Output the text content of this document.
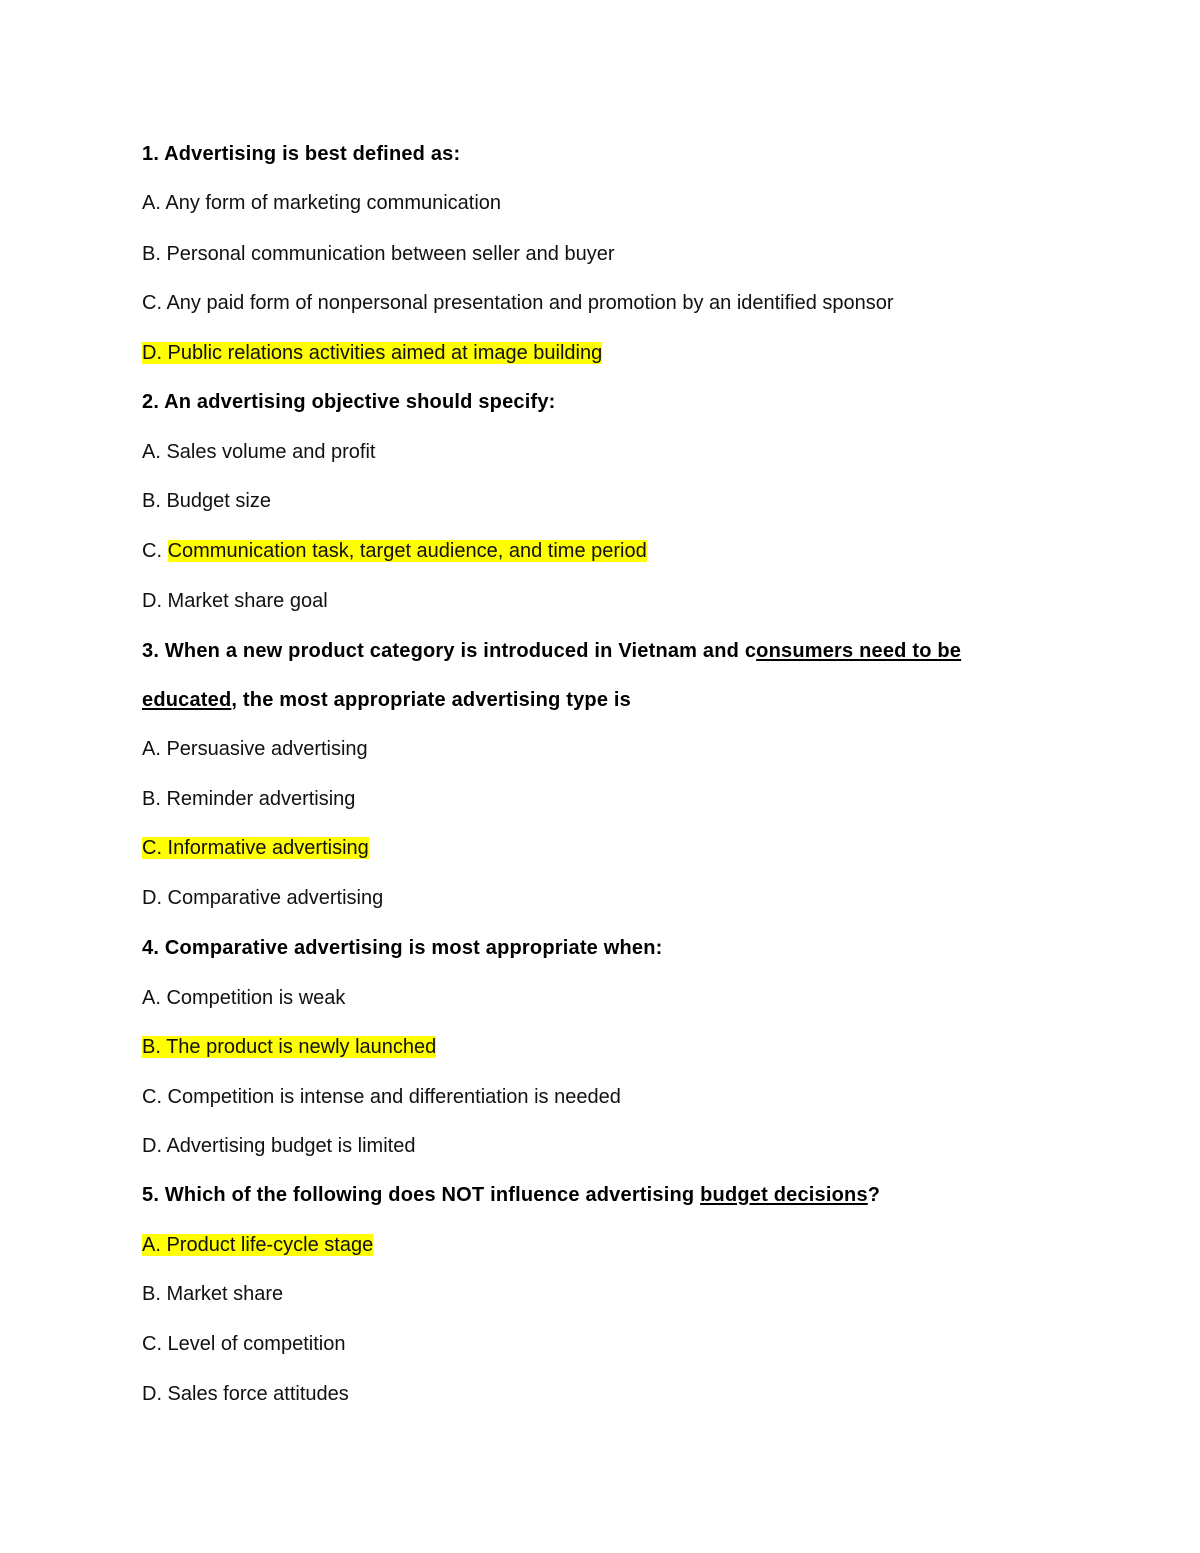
1. Advertising is best defined as:
A. Any form of marketing communication
B. Personal communication between seller and buyer
C. Any paid form of nonpersonal presentation and promotion by an identified sponsor
D. Public relations activities aimed at image building
2. An advertising objective should specify:
A. Sales volume and profit
B. Budget size
C. Communication task, target audience, and time period
D. Market share goal
3. When a new product category is introduced in Vietnam and consumers need to be
educated, the most appropriate advertising type is
A. Persuasive advertising
B. Reminder advertising
C. Informative advertising
D. Comparative advertising
4. Comparative advertising is most appropriate when:
A. Competition is weak
B. The product is newly launched
C. Competition is intense and differentiation is needed
D. Advertising budget is limited
5. Which of the following does NOT influence advertising budget decisions?
A. Product life-cycle stage
B. Market share
C. Level of competition
D. Sales force attitudes
